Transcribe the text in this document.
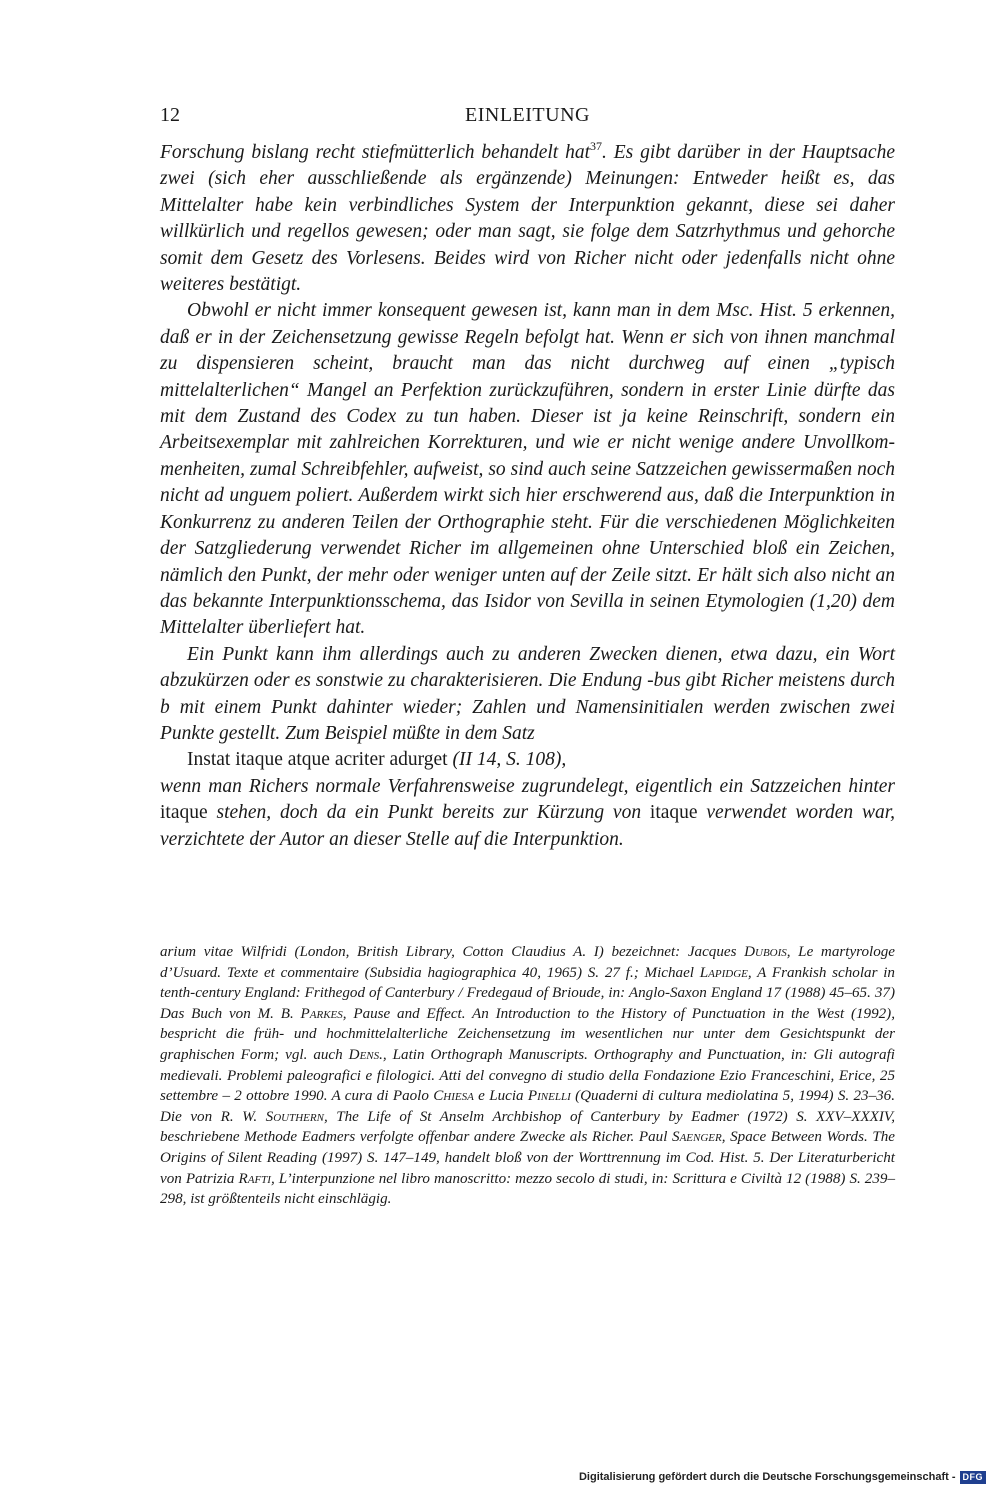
12	EINLEITUNG

Forschung bislang recht stiefmütterlich behandelt hat$^{37}$. Es gibt darüber in der Hauptsache zwei (sich eher ausschließende als ergänzende) Meinungen: Entweder heißt es, das Mittelalter habe kein verbindliches System der Interpunktion gekannt, diese sei daher willkürlich und regellos gewesen; oder man sagt, sie folge dem Satzrhythmus und gehorche somit dem Gesetz des Vorlesens. Beides wird von Richer nicht oder jedenfalls nicht ohne weiteres bestätigt.

Obwohl er nicht immer konsequent gewesen ist, kann man in dem Msc. Hist. 5 erkennen, daß er in der Zeichensetzung gewisse Regeln befolgt hat. Wenn er sich von ihnen manchmal zu dispensieren scheint, braucht man das nicht durchweg auf einen „typisch mittelalterlichen“ Mangel an Perfektion zurückzuführen, sondern in erster Linie dürfte das mit dem Zustand des Codex zu tun haben. Dieser ist ja keine Reinschrift, sondern ein Arbeitsexemplar mit zahlreichen Korrekturen, und wie er nicht wenige andere Unvollkommenheiten, zumal Schreibfehler, aufweist, so sind auch seine Satzzeichen gewissermaßen noch nicht ad unguem poliert. Außerdem wirkt sich hier erschwerend aus, daß die Interpunktion in Konkurrenz zu anderen Teilen der Orthographie steht. Für die verschiedenen Möglichkeiten der Satzgliederung verwendet Richer im allgemeinen ohne Unterschied bloß ein Zeichen, nämlich den Punkt, der mehr oder weniger unten auf der Zeile sitzt. Er hält sich also nicht an das bekannte Interpunktionsschema, das Isidor von Sevilla in seinen Etymologien (1,20) dem Mittelalter überliefert hat.

Ein Punkt kann ihm allerdings auch zu anderen Zwecken dienen, etwa dazu, ein Wort abzukürzen oder es sonstwie zu charakterisieren. Die Endung -bus gibt Richer meistens durch b mit einem Punkt dahinter wieder; Zahlen und Namensinitialen werden zwischen zwei Punkte gestellt. Zum Beispiel müßte in dem Satz

Instat itaque atque acriter adurget (II 14, S. 108),

wenn man Richers normale Verfahrensweise zugrundelegt, eigentlich ein Satzzeichen hinter itaque stehen, doch da ein Punkt bereits zur Kürzung von itaque verwendet worden war, verzichtete der Autor an dieser Stelle auf die Interpunktion.

arium vitae Wilfridi (London, British Library, Cotton Claudius A. I) bezeichnet: Jacques Dubois, Le martyrologe d’Usuard. Texte et commentaire (Subsidia hagiographica 40, 1965) S. 27 f.; Michael Lapidge, A Frankish scholar in tenth-century England: Frithegod of Canterbury / Fredegaud of Brioude, in: Anglo-Saxon England 17 (1988) 45–65. 37) Das Buch von M. B. Parkes, Pause and Effect. An Introduction to the History of Punctuation in the West (1992), bespricht die früh- und hochmittelalterliche Zeichensetzung im wesentlichen nur unter dem Gesichtspunkt der graphischen Form; vgl. auch Dens., Latin Orthograph Manuscripts. Orthography and Punctuation, in: Gli autografi medievali. Problemi paleografici e filologici. Atti del convegno di studio della Fondazione Ezio Franceschini, Erice, 25 settembre – 2 ottobre 1990. A cura di Paolo Chiesa e Lucia Pinelli (Quaderni di cultura mediolatina 5, 1994) S. 23–36. Die von R. W. Southern, The Life of St Anselm Archbishop of Canterbury by Eadmer (1972) S. XXV–XXXIV, beschriebene Methode Eadmers verfolgte offenbar andere Zwecke als Richer. Paul Saenger, Space Between Words. The Origins of Silent Reading (1997) S. 147–149, handelt bloß von der Worttrennung im Cod. Hist. 5. Der Literaturbericht von Patrizia Rafti, L’interpunzione nel libro manoscritto: mezzo secolo di studi, in: Scrittura e Civiltà 12 (1988) S. 239–298, ist größtenteils nicht einschlägig.

Digitalisierung gefördert durch die Deutsche Forschungsgemeinschaft - DFG
